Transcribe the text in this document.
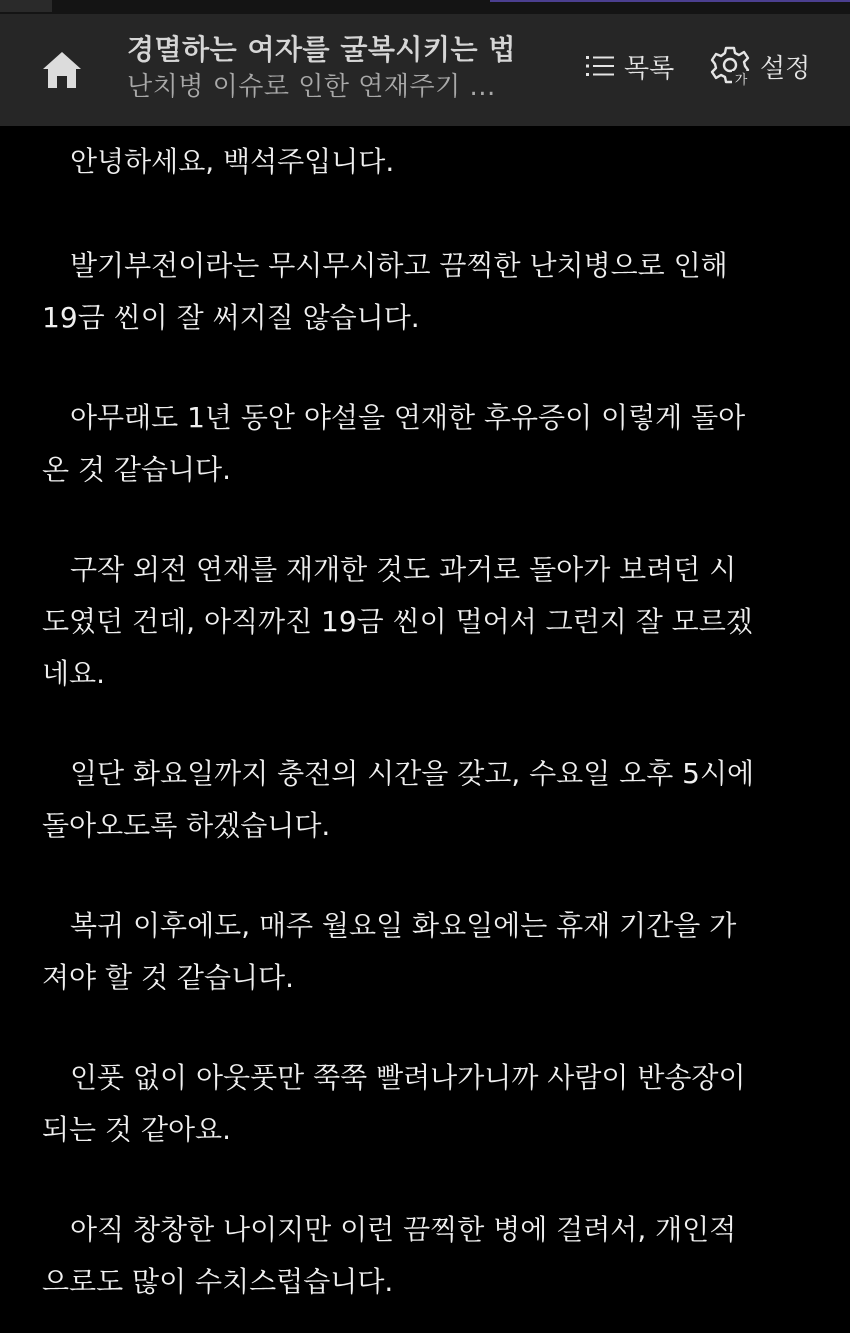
경멸하는 여자를 굴복시키는 법
난치병 이슈로 인한 연재주기 ...
목록	가 설정
안녕하세요, 백석주입니다.
발기부전이라는 무시무시하고 끔찍한 난치병으로 인해
19금 씬이 잘 써지질 않습니다.
아무래도 1년 동안 야설을 연재한 후유증이 이렇게 돌아
온 것 같습니다.
구작 외전 연재를 재개한 것도 과거로 돌아가 보려던 시
도였던 건데, 아직까진 19금 씬이 멀어서 그런지 잘 모르겠
네요.
일단 화요일까지 충전의 시간을 갖고, 수요일 오후 5시에
돌아오도록 하겠습니다.
복귀 이후에도, 매주 월요일 화요일에는 휴재 기간을 가
져야 할 것 같습니다.
인풋 없이 아웃풋만 쭉쭉 빨려나가니까 사람이 반송장이
되는 것 같아요.
아직 창창한 나이지만 이런 끔찍한 병에 걸려서, 개인적
으로도 많이 수치스럽습니다.
